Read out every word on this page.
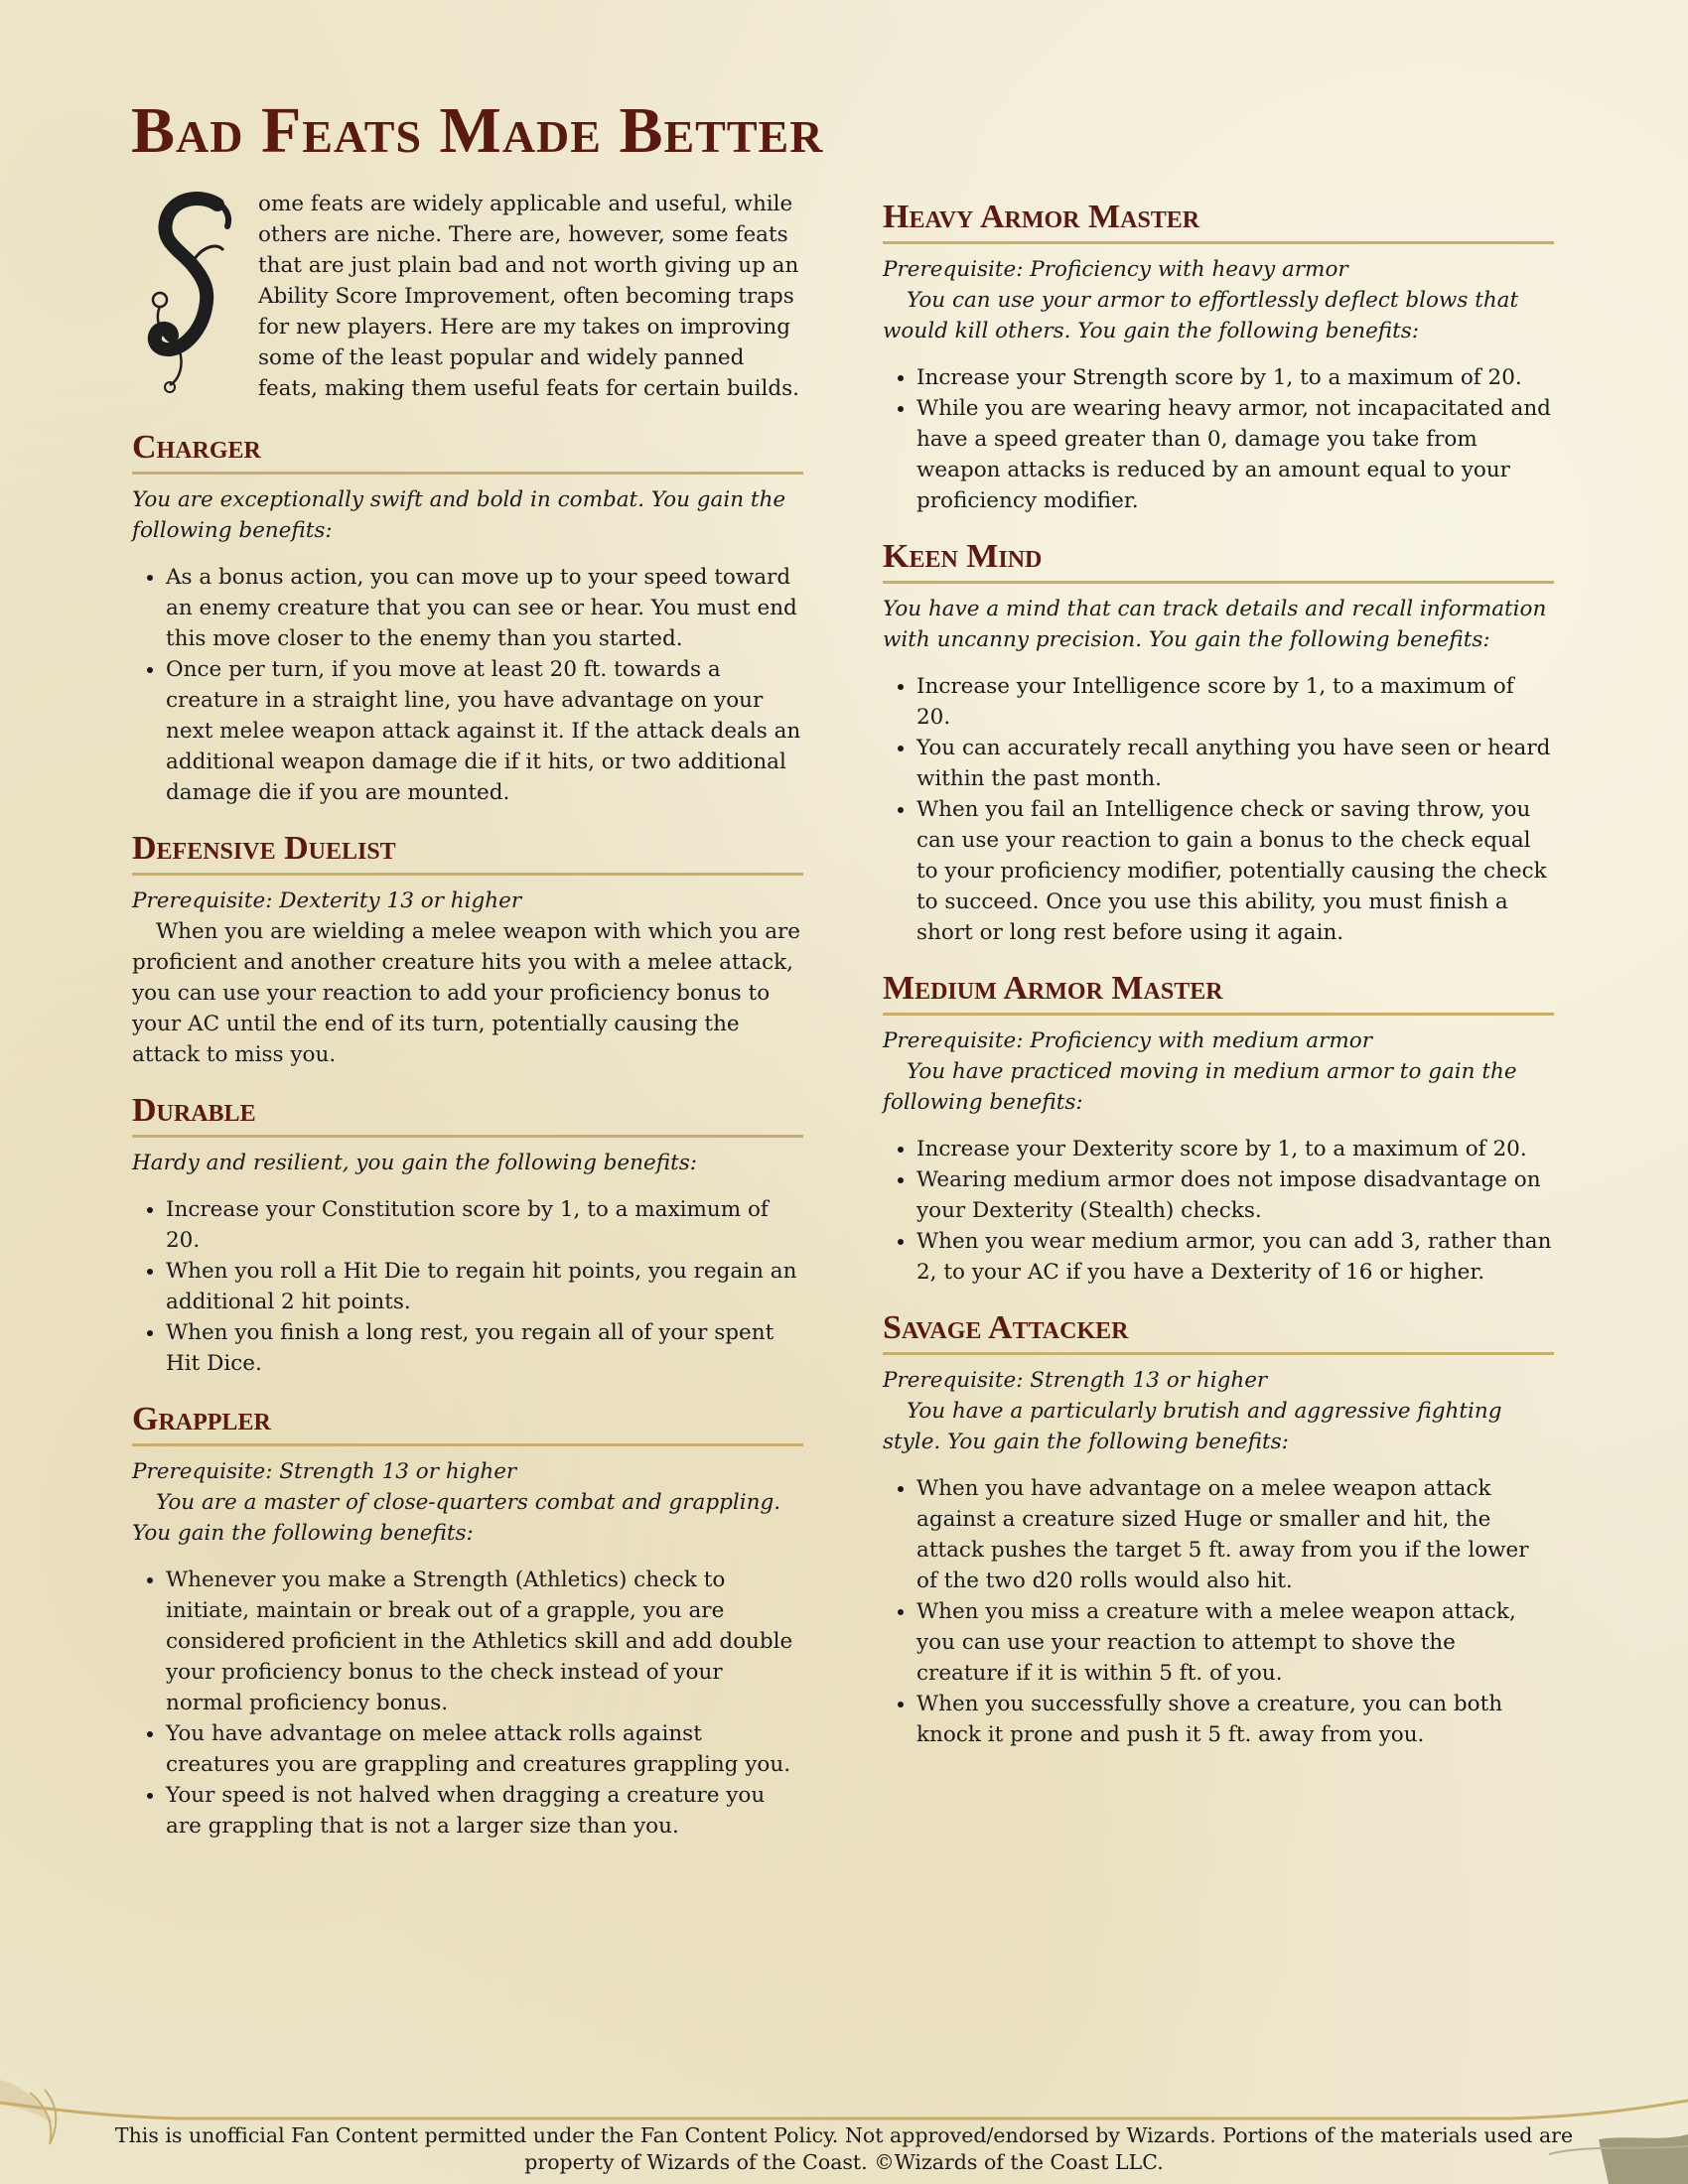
Bad Feats Made Better

ome feats are widely applicable and useful, while others are niche. There are, however, some feats that are just plain bad and not worth giving up an Ability Score Improvement, often becoming traps for new players. Here are my takes on improving some of the least popular and widely panned feats, making them useful feats for certain builds.

Charger

You are exceptionally swift and bold in combat. You gain the following benefits:

• As a bonus action, you can move up to your speed toward an enemy creature that you can see or hear. You must end this move closer to the enemy than you started.
• Once per turn, if you move at least 20 ft. towards a creature in a straight line, you have advantage on your next melee weapon attack against it. If the attack deals an additional weapon damage die if it hits, or two additional damage die if you are mounted.
Defensive Duelist

Prerequisite: Dexterity 13 or higher

When you are wielding a melee weapon with which you are proficient and another creature hits you with a melee attack, you can use your reaction to add your proficiency bonus to your AC until the end of its turn, potentially causing the attack to miss you.

Durable

Hardy and resilient, you gain the following benefits:

• Increase your Constitution score by 1, to a maximum of 20.
• When you roll a Hit Die to regain hit points, you regain an additional 2 hit points.
• When you finish a long rest, you regain all of your spent Hit Dice.
Grappler

Prerequisite: Strength 13 or higher

You are a master of close-quarters combat and grappling. You gain the following benefits:

• Whenever you make a Strength (Athletics) check to initiate, maintain or break out of a grapple, you are considered proficient in the Athletics skill and add double your proficiency bonus to the check instead of your normal proficiency bonus.
• You have advantage on melee attack rolls against creatures you are grappling and creatures grappling you.
• Your speed is not halved when dragging a creature you are grappling that is not a larger size than you.
Heavy Armor Master

Prerequisite: Proficiency with heavy armor

You can use your armor to effortlessly deflect blows that would kill others. You gain the following benefits:

• Increase your Strength score by 1, to a maximum of 20.
• While you are wearing heavy armor, not incapacitated and have a speed greater than 0, damage you take from weapon attacks is reduced by an amount equal to your proficiency modifier.
Keen Mind

You have a mind that can track details and recall information with uncanny precision. You gain the following benefits:

• Increase your Intelligence score by 1, to a maximum of 20.
• You can accurately recall anything you have seen or heard within the past month.
• When you fail an Intelligence check or saving throw, you can use your reaction to gain a bonus to the check equal to your proficiency modifier, potentially causing the check to succeed. Once you use this ability, you must finish a short or long rest before using it again.
Medium Armor Master

Prerequisite: Proficiency with medium armor

You have practiced moving in medium armor to gain the following benefits:

• Increase your Dexterity score by 1, to a maximum of 20.
• Wearing medium armor does not impose disadvantage on your Dexterity (Stealth) checks.
• When you wear medium armor, you can add 3, rather than 2, to your AC if you have a Dexterity of 16 or higher.
Savage Attacker

Prerequisite: Strength 13 or higher

You have a particularly brutish and aggressive fighting style. You gain the following benefits:

• When you have advantage on a melee weapon attack against a creature sized Huge or smaller and hit, the attack pushes the target 5 ft. away from you if the lower of the two d20 rolls would also hit.
• When you miss a creature with a melee weapon attack, you can use your reaction to attempt to shove the creature if it is within 5 ft. of you.
• When you successfully shove a creature, you can both knock it prone and push it 5 ft. away from you.
This is unofficial Fan Content permitted under the Fan Content Policy. Not approved/endorsed by Wizards. Portions of the materials used are property of Wizards of the Coast. ©Wizards of the Coast LLC.
